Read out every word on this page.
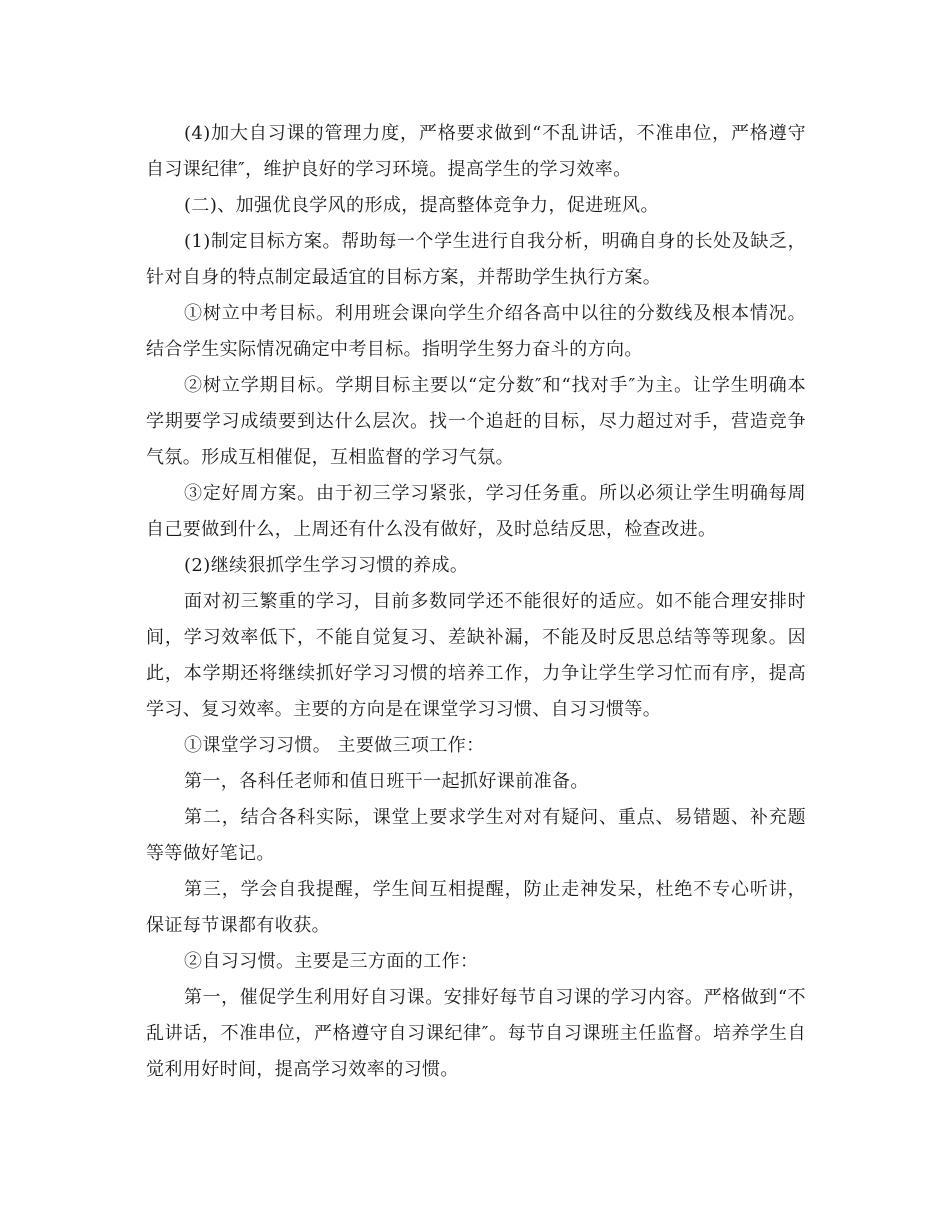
(4)加大自习课的管理力度，严格要求做到“不乱讲话，不准串位，严格遵守自习课纪律″，维护良好的学习环境。提高学生的学习效率。

(二)、加强优良学风的形成，提高整体竞争力，促进班风。

(1)制定目标方案。帮助每一个学生进行自我分析，明确自身的长处及缺乏，针对自身的特点制定最适宜的目标方案，并帮助学生执行方案。

①树立中考目标。利用班会课向学生介绍各高中以往的分数线及根本情况。结合学生实际情况确定中考目标。指明学生努力奋斗的方向。

②树立学期目标。学期目标主要以“定分数″和“找对手″为主。让学生明确本学期要学习成绩要到达什么层次。找一个追赶的目标，尽力超过对手，营造竞争气氛。形成互相催促，互相监督的学习气氛。

③定好周方案。由于初三学习紧张，学习任务重。所以必须让学生明确每周自己要做到什么，上周还有什么没有做好，及时总结反思，检查改进。

(2)继续狠抓学生学习习惯的养成。

面对初三繁重的学习，目前多数同学还不能很好的适应。如不能合理安排时间，学习效率低下，不能自觉复习、差缺补漏，不能及时反思总结等等现象。因此，本学期还将继续抓好学习习惯的培养工作，力争让学生学习忙而有序，提高学习、复习效率。主要的方向是在课堂学习习惯、自习习惯等。

①课堂学习习惯。 主要做三项工作：

第一，各科任老师和值日班干一起抓好课前准备。

第二，结合各科实际，课堂上要求学生对对有疑问、重点、易错题、补充题等等做好笔记。

第三，学会自我提醒，学生间互相提醒，防止走神发呆，杜绝不专心听讲，保证每节课都有收获。

②自习习惯。主要是三方面的工作：

第一，催促学生利用好自习课。安排好每节自习课的学习内容。严格做到“不乱讲话，不准串位，严格遵守自习课纪律″。每节自习课班主任监督。培养学生自觉利用好时间，提高学习效率的习惯。
